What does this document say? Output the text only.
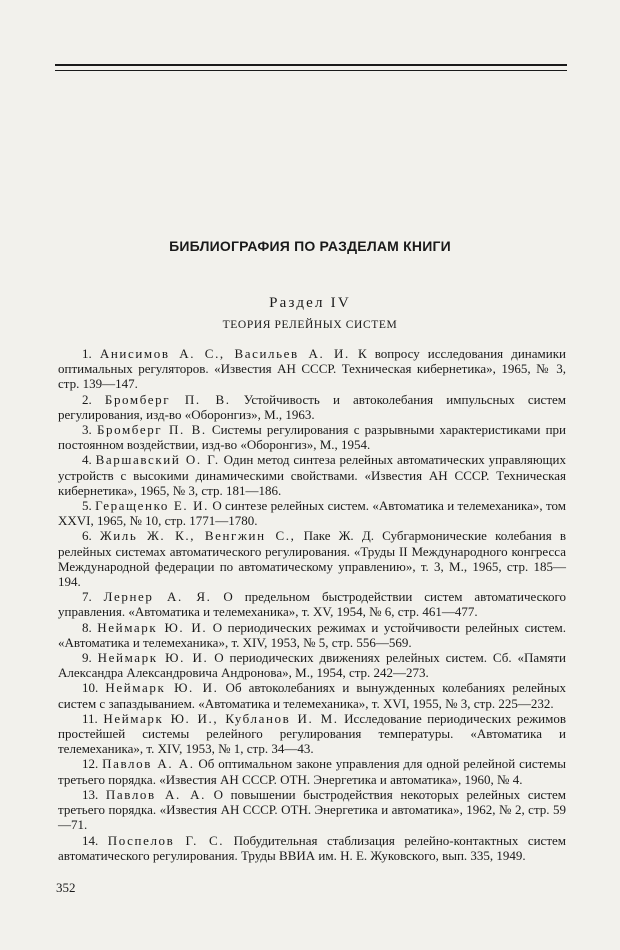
БИБЛИОГРАФИЯ ПО РАЗДЕЛАМ КНИГИ
Раздел IV
ТЕОРИЯ РЕЛЕЙНЫХ СИСТЕМ

1. Анисимов А. С., Васильев А. И. К вопросу исследования динамики оптимальных регуляторов. «Известия АН СССР. Техническая кибернетика», 1965, № 3, стр. 139—147.

2. Бромберг П. В. Устойчивость и автоколебания импульсных систем регулирования, изд-во «Оборонгиз», М., 1963.

3. Бромберг П. В. Системы регулирования с разрывными характеристиками при постоянном воздействии, изд-во «Оборонгиз», М., 1954.

4. Варшавский О. Г. Один метод синтеза релейных автоматических управляющих устройств с высокими динамическими свойствами. «Известия АН СССР. Техническая кибернетика», 1965, № 3, стр. 181—186.

5. Геращенко Е. И. О синтезе релейных систем. «Автоматика и телемеханика», том XXVI, 1965, № 10, стр. 1771—1780.

6. Жиль Ж. К., Венгжин С., Паке Ж. Д. Субгармонические колебания в релейных системах автоматического регулирования. «Труды II Международного конгресса Международной федерации по автоматическому управлению», т. 3, М., 1965, стр. 185—194.

7. Лернер А. Я. О предельном быстродействии систем автоматического управления. «Автоматика и телемеханика», т. XV, 1954, № 6, стр. 461—477.

8. Неймарк Ю. И. О периодических режимах и устойчивости релейных систем. «Автоматика и телемеханика», т. XIV, 1953, № 5, стр. 556—569.

9. Неймарк Ю. И. О периодических движениях релейных систем. Сб. «Памяти Александра Александровича Андронова», М., 1954, стр. 242—273.

10. Неймарк Ю. И. Об автоколебаниях и вынужденных колебаниях релейных систем с запаздыванием. «Автоматика и телемеханика», т. XVI, 1955, № 3, стр. 225—232.

11. Неймарк Ю. И., Кубланов И. М. Исследование периодических режимов простейшей системы релейного регулирования температуры. «Автоматика и телемеханика», т. XIV, 1953, № 1, стр. 34—43.

12. Павлов А. А. Об оптимальном законе управления для одной релейной системы третьего порядка. «Известия АН СССР. ОТН. Энергетика и автоматика», 1960, № 4.

13. Павлов А. А. О повышении быстродействия некоторых релейных систем третьего порядка. «Известия АН СССР. ОТН. Энергетика и автоматика», 1962, № 2, стр. 59—71.

14. Поспелов Г. С. Побудительная стаблизация релейно-контактных систем автоматического регулирования. Труды ВВИА им. Н. Е. Жуковского, вып. 335, 1949.

352
